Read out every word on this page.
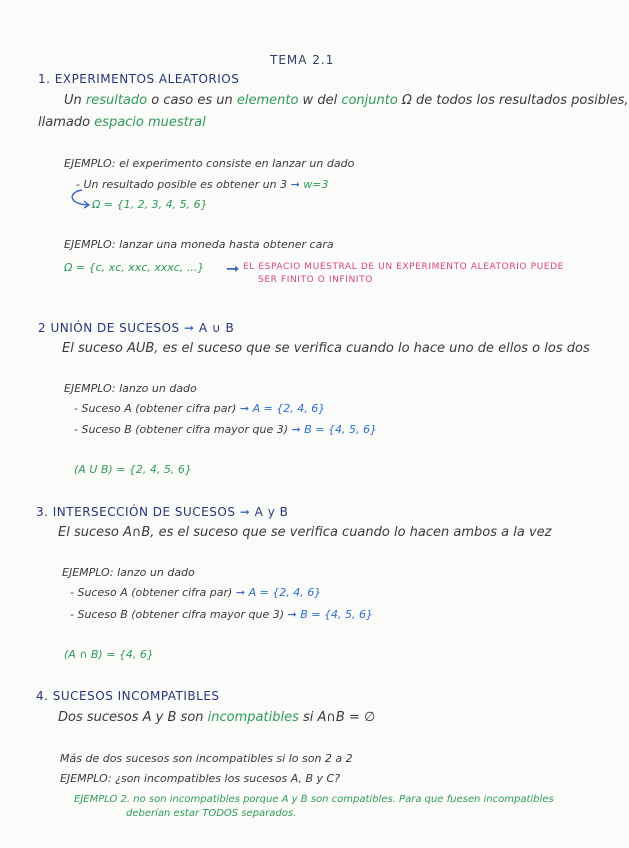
TEMA 2.1
1. EXPERIMENTOS ALEATORIOS
Un resultado o caso es un elemento w del conjunto Ω de todos los resultados posibles,
llamado espacio muestral
EJEMPLO: el experimento consiste en lanzar un dado
- Un resultado posible es obtener un 3 ➞ w=3
Ω = {1, 2, 3, 4, 5, 6}
EJEMPLO: lanzar una moneda hasta obtener cara
Ω = {c, xc, xxc, xxxc, ...} ➞ EL ESPACIO MUESTRAL DE UN EXPERIMENTO ALEATORIO PUEDE
SER FINITO O INFINITO
2 UNIÓN DE SUCESOS ➞ A ∪ B
El suceso AUB, es el suceso que se verifica cuando lo hace uno de ellos o los dos
EJEMPLO: lanzo un dado
- Suceso A (obtener cifra par) ➞ A = {2, 4, 6}
- Suceso B (obtener cifra mayor que 3) ➞ B = {4, 5, 6}
(A U B) = {2, 4, 5, 6}
3. INTERSECCIÓN DE SUCESOS ➞ A y B
El suceso A∩B, es el suceso que se verifica cuando lo hacen ambos a la vez
EJEMPLO: lanzo un dado
- Suceso A (obtener cifra par) ➞ A = {2, 4, 6}
- Suceso B (obtener cifra mayor que 3) ➞ B = {4, 5, 6}
(A ∩ B) = {4, 6}
4. SUCESOS INCOMPATIBLES
Dos sucesos A y B son incompatibles si A∩B = ∅
Más de dos sucesos son incompatibles si lo son 2 a 2
EJEMPLO: ¿son incompatibles los sucesos A, B y C?
EJEMPLO 2. no son incompatibles porque A y B son compatibles. Para que fuesen incompatibles
deberían estar TODOS separados.
